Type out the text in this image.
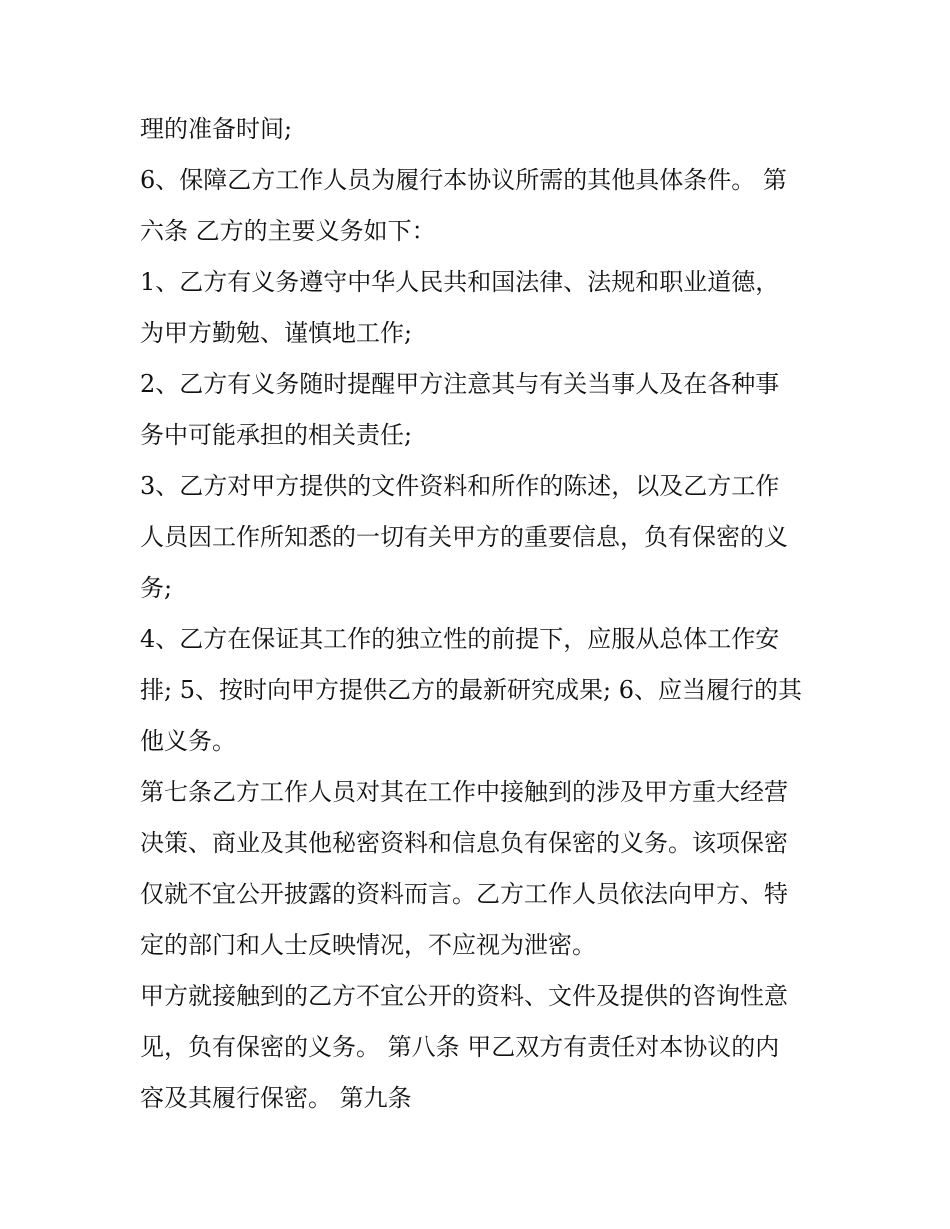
理的准备时间;
6、保障乙方工作人员为履行本协议所需的其他具体条件。 第
六条 乙方的主要义务如下：
1、乙方有义务遵守中华人民共和国法律、法规和职业道德，
为甲方勤勉、谨慎地工作;
2、乙方有义务随时提醒甲方注意其与有关当事人及在各种事
务中可能承担的相关责任;
3、乙方对甲方提供的文件资料和所作的陈述，以及乙方工作
人员因工作所知悉的一切有关甲方的重要信息，负有保密的义
务;
4、乙方在保证其工作的独立性的前提下，应服从总体工作安
排; 5、按时向甲方提供乙方的最新研究成果; 6、应当履行的其
他义务。
第七条乙方工作人员对其在工作中接触到的涉及甲方重大经营
决策、商业及其他秘密资料和信息负有保密的义务。该项保密
仅就不宜公开披露的资料而言。乙方工作人员依法向甲方、特
定的部门和人士反映情况，不应视为泄密。
甲方就接触到的乙方不宜公开的资料、文件及提供的咨询性意
见，负有保密的义务。 第八条 甲乙双方有责任对本协议的内
容及其履行保密。 第九条
